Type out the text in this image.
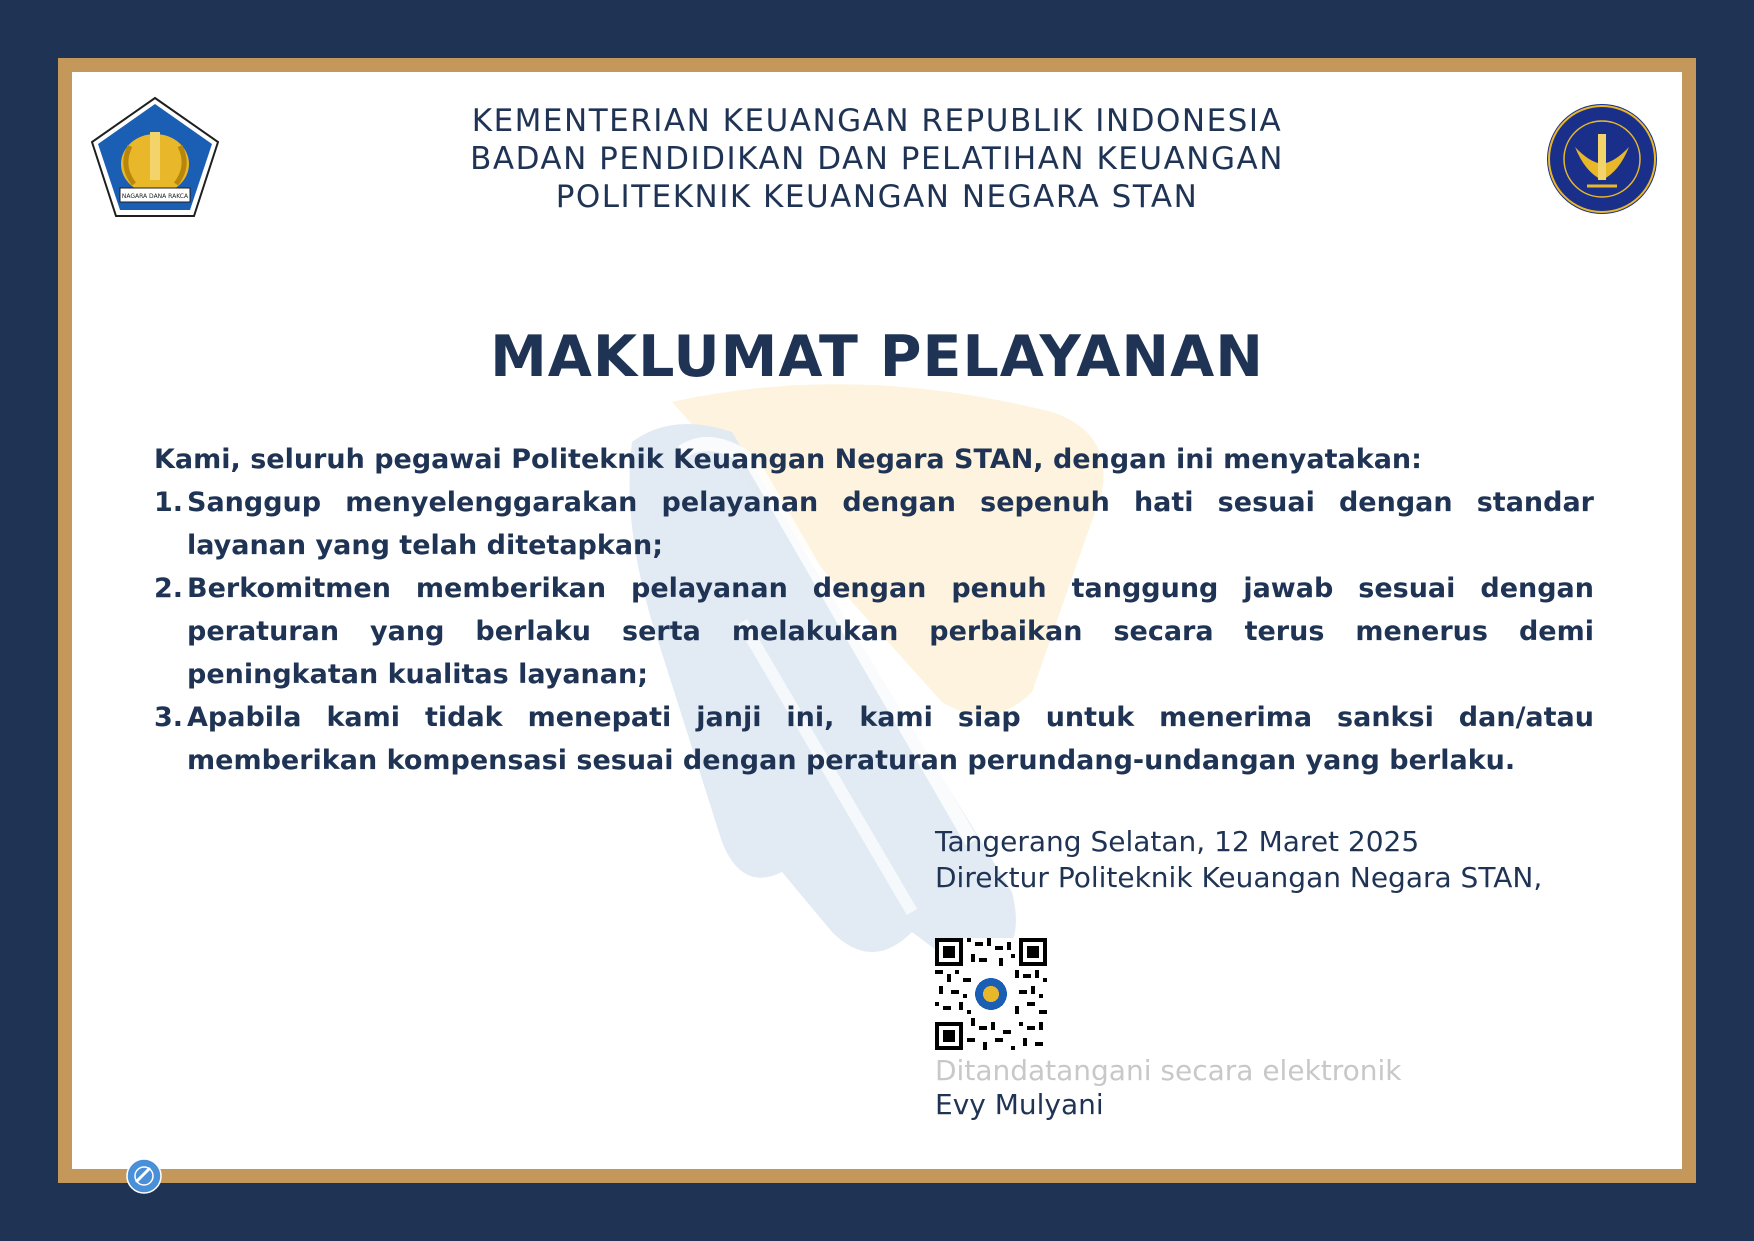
NAGARA DANA RAKCA
KEMENTERIAN KEUANGAN REPUBLIK INDONESIA
BADAN PENDIDIKAN DAN PELATIHAN KEUANGAN
POLITEKNIK KEUANGAN NEGARA STAN
MAKLUMAT PELAYANAN
Kami, seluruh pegawai Politeknik Keuangan Negara STAN, dengan ini menyatakan:
1. Sanggup menyelenggarakan pelayanan dengan sepenuh hati sesuai dengan standar layanan yang telah ditetapkan;
2. Berkomitmen memberikan pelayanan dengan penuh tanggung jawab sesuai dengan peraturan yang berlaku serta melakukan perbaikan secara terus menerus demi peningkatan kualitas layanan;
3. Apabila kami tidak menepati janji ini, kami siap untuk menerima sanksi dan/atau memberikan kompensasi sesuai dengan peraturan perundang-undangan yang berlaku.
Tangerang Selatan, 12 Maret 2025
Direktur Politeknik Keuangan Negara STAN,
Ditandatangani secara elektronik
Evy Mulyani
